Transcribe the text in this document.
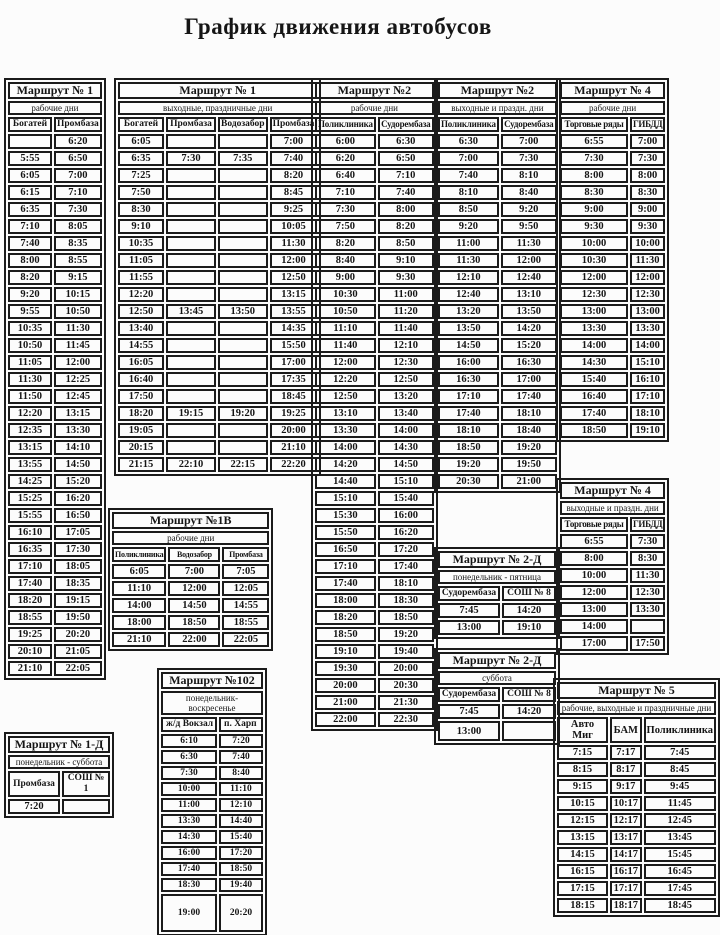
График движения автобусов
Маршрут № 1	
рабочие дни	
Богатей	Промбаза
	6:20
5:55	6:50
6:05	7:00
6:15	7:10
6:35	7:30
7:10	8:05
7:40	8:35
8:00	8:55
8:20	9:15
9:20	10:15
9:55	10:50
10:35	11:30
10:50	11:45
11:05	12:00
11:30	12:25
11:50	12:45
12:20	13:15
12:35	13:30
13:15	14:10
13:55	14:50
14:25	15:20
15:25	16:20
15:55	16:50
16:10	17:05
16:35	17:30
17:10	18:05
17:40	18:35
18:20	19:15
18:55	19:50
19:25	20:20
20:10	21:05
21:10	22:05
Маршрут № 1			
выходные, праздничные дни			
Богатей	Промбаза	Водозабор	Промбаза
6:05			7:00
6:35	7:30	7:35	7:40
7:25			8:20
7:50			8:45
8:30			9:25
9:10			10:05
10:35			11:30
11:05			12:00
11:55			12:50
12:20			13:15
12:50	13:45	13:50	13:55
13:40			14:35
14:55			15:50
16:05			17:00
16:40			17:35
17:50			18:45
18:20	19:15	19:20	19:25
19:05			20:00
20:15			21:10
21:15	22:10	22:15	22:20
Маршрут №1В		
рабочие дни		
Поликлиника	Водозабор	Промбаза
6:05	7:00	7:05
11:10	12:00	12:05
14:00	14:50	14:55
18:00	18:50	18:55
21:10	22:00	22:05
Маршрут №102	
понедельник-воскресенье	
ж/д Вокзал	п. Харп
6:10	7:20
6:30	7:40
7:30	8:40
10:00	11:10
11:00	12:10
13:30	14:40
14:30	15:40
16:00	17:20
17:40	18:50
18:30	19:40
19:00	20:20
Маршрут №2	
рабочие дни	
Поликлиника	Судорембаза
6:00	6:30
6:20	6:50
6:40	7:10
7:10	7:40
7:30	8:00
7:50	8:20
8:20	8:50
8:40	9:10
9:00	9:30
10:30	11:00
10:50	11:20
11:10	11:40
11:40	12:10
12:00	12:30
12:20	12:50
12:50	13:20
13:10	13:40
13:30	14:00
14:00	14:30
14:20	14:50
14:40	15:10
15:10	15:40
15:30	16:00
15:50	16:20
16:50	17:20
17:10	17:40
17:40	18:10
18:00	18:30
18:20	18:50
18:50	19:20
19:10	19:40
19:30	20:00
20:00	20:30
21:00	21:30
22:00	22:30
Маршрут №2	
выходные и праздн. дни	
Поликлиника	Судорембаза
6:30	7:00
7:00	7:30
7:40	8:10
8:10	8:40
8:50	9:20
9:20	9:50
11:00	11:30
11:30	12:00
12:10	12:40
12:40	13:10
13:20	13:50
13:50	14:20
14:50	15:20
16:00	16:30
16:30	17:00
17:10	17:40
17:40	18:10
18:10	18:40
18:50	19:20
19:20	19:50
20:30	21:00
Маршрут № 2-Д	
понедельник - пятница	
Судорембаза	СОШ № 8
7:45	14:20
13:00	19:10
Маршрут № 2-Д	
суббота	
Судорембаза	СОШ № 8
7:45	14:20
13:00	
Маршрут № 4	
рабочие дни	
Торговые ряды	ГИБДД
6:55	7:00
7:30	7:30
8:00	8:00
8:30	8:30
9:00	9:00
9:30	9:30
10:00	10:00
10:30	11:30
12:00	12:00
12:30	12:30
13:00	13:00
13:30	13:30
14:00	14:00
14:30	15:10
15:40	16:10
16:40	17:10
17:40	18:10
18:50	19:10
Маршрут № 4	
выходные и праздн. дни	
Торговые ряды	ГИБДД
6:55	7:30
8:00	8:30
10:00	11:30
12:00	12:30
13:00	13:30
14:00	
17:00	17:50
Маршрут № 5		
рабочие, выходные и праздничные дни		
Авто Миг	БАМ	Поликлиника
7:15	7:17	7:45
8:15	8:17	8:45
9:15	9:17	9:45
10:15	10:17	11:45
12:15	12:17	12:45
13:15	13:17	13:45
14:15	14:17	15:45
16:15	16:17	16:45
17:15	17:17	17:45
18:15	18:17	18:45
Маршрут № 1-Д	
понедельник - суббота	
Промбаза	СОШ № 1
7:20	
